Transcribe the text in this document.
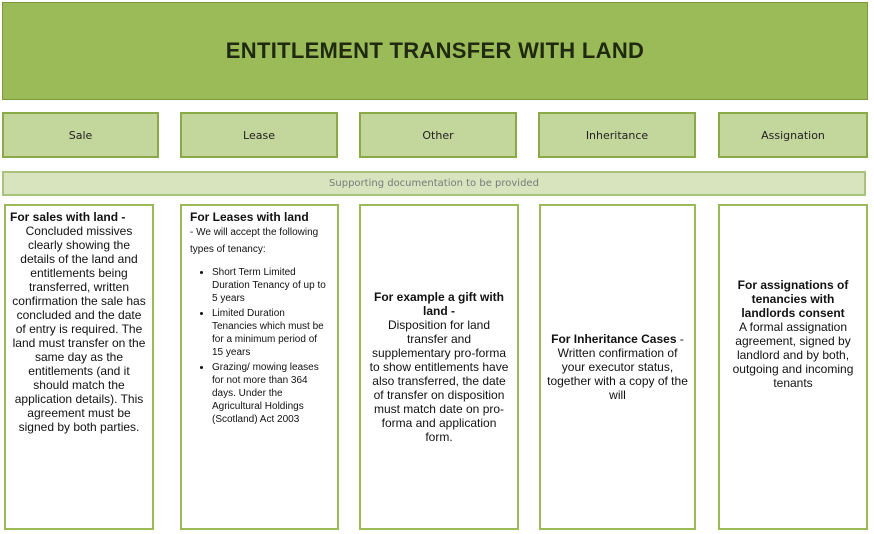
ENTITLEMENT TRANSFER WITH LAND
Sale	Lease	Other	Inheritance	Assignation
Supporting documentation to be provided
For sales with land -
Concluded missives clearly showing the details of the land and entitlements being transferred, written confirmation the sale has concluded and the date of entry is required. The land must transfer on the same day as the entitlements (and it should match the application details). This agreement must be signed by both parties.
For Leases with land
- We will accept the following types of tenancy:
• Short Term Limited Duration Tenancy of up to 5 years
• Limited Duration Tenancies which must be for a minimum period of 15 years
• Grazing/ mowing leases for not more than 364 days. Under the Agricultural Holdings (Scotland) Act 2003
For example a gift with land -
Disposition for land transfer and supplementary pro-forma to show entitlements have also transferred, the date of transfer on disposition must match date on pro-forma and application form.
For Inheritance Cases - Written confirmation of your executor status, together with a copy of the will
For assignations of tenancies with landlords consent
A formal assignation agreement, signed by landlord and by both, outgoing and incoming tenants
